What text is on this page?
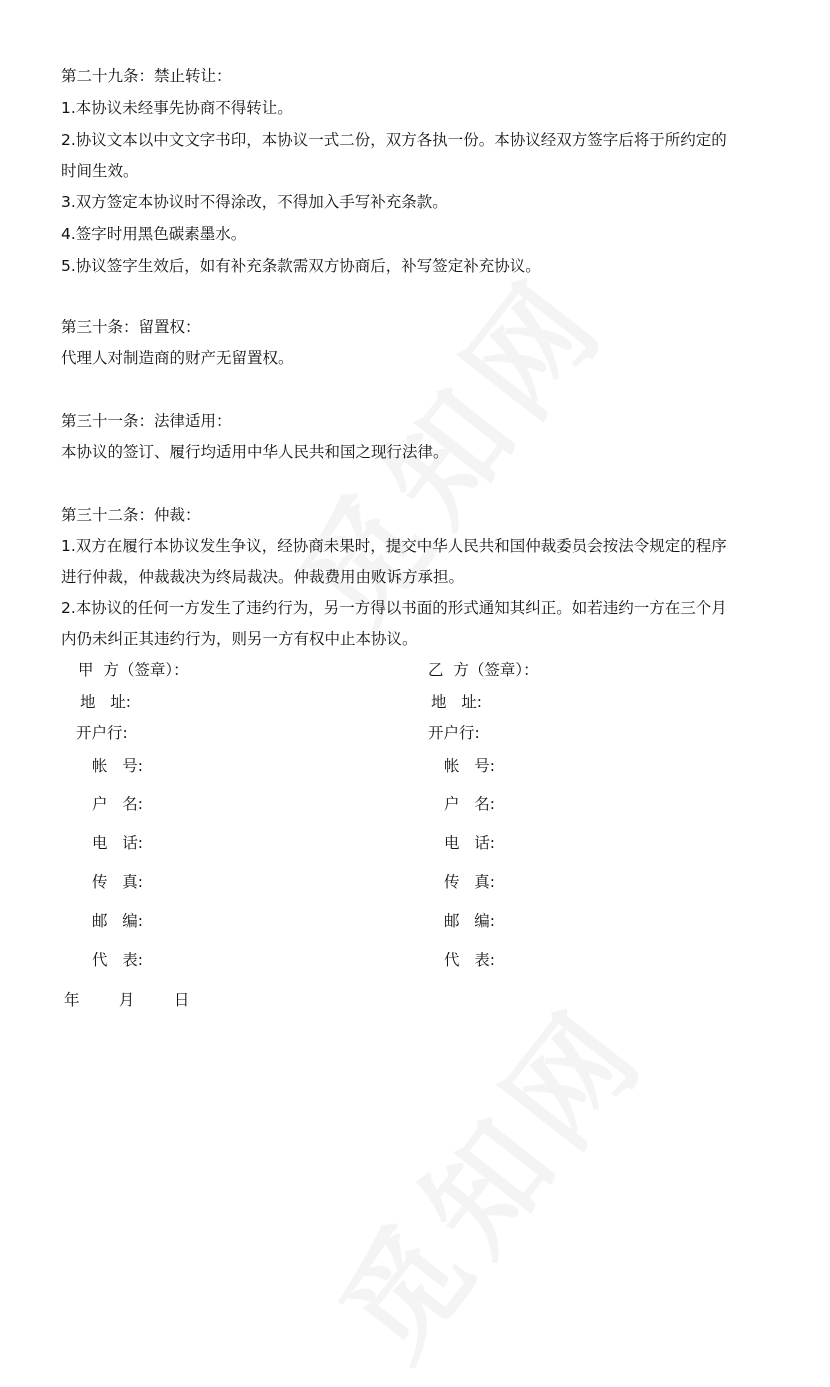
第二十九条：禁止转让：
1.本协议未经事先协商不得转让。
2.协议文本以中文文字书印，本协议一式二份，双方各执一份。本协议经双方签字后将于所约定的
时间生效。
3.双方签定本协议时不得涂改，不得加入手写补充条款。
4.签字时用黑色碳素墨水。
5.协议签字生效后，如有补充条款需双方协商后，补写签定补充协议。
第三十条：留置权：
代理人对制造商的财产无留置权。
第三十一条：法律适用：
本协议的签订、履行均适用中华人民共和国之现行法律。
第三十二条：仲裁：
1.双方在履行本协议发生争议，经协商未果时，提交中华人民共和国仲裁委员会按法令规定的程序
进行仲裁，仲裁裁决为终局裁决。仲裁费用由败诉方承担。
2.本协议的任何一方发生了违约行为，另一方得以书面的形式通知其纠正。如若违约一方在三个月
内仍未纠正其违约行为，则另一方有权中止本协议。
甲  方（签章）：
地   址:
开户行:
帐   号:
户   名:
电   话:
传   真:
邮   编:
代   表:
乙  方（签章）：
地   址:
开户行:
帐   号:
户   名:
电   话:
传   真:
邮   编:
代   表:
年        月        日
